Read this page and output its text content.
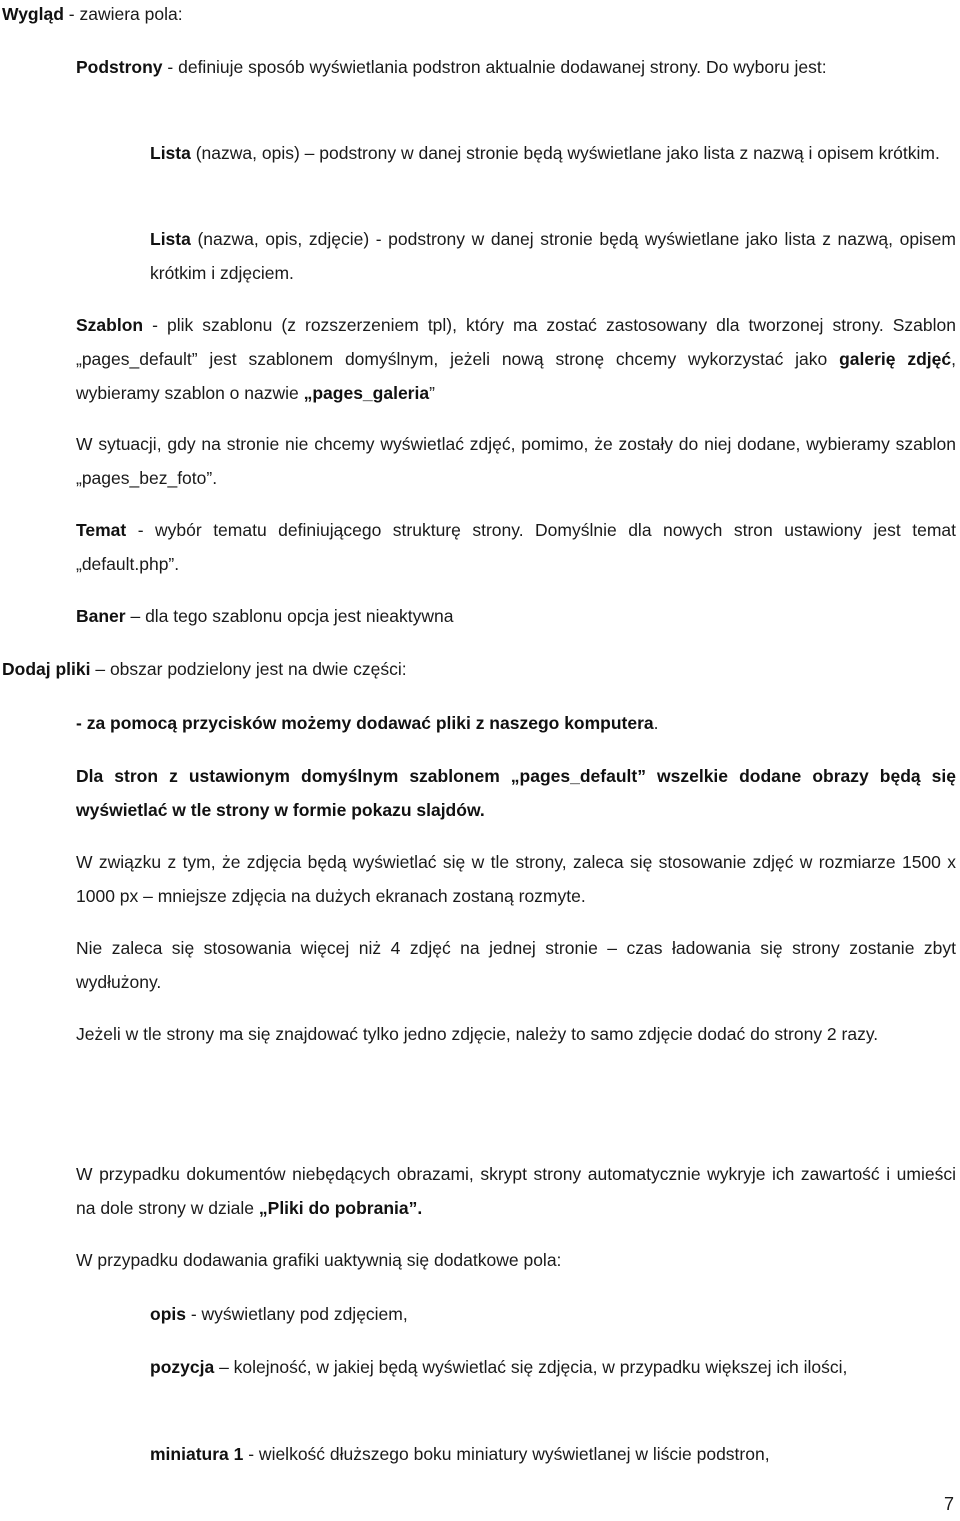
Wygląd - zawiera pola:

Podstrony - definiuje sposób wyświetlania podstron aktualnie dodawanej strony. Do wyboru jest:

Lista (nazwa, opis) – podstrony w danej stronie będą wyświetlane jako lista z nazwą i opisem krótkim.

Lista (nazwa, opis, zdjęcie) - podstrony w danej stronie będą wyświetlane jako lista z nazwą, opisem krótkim i zdjęciem.

Szablon - plik szablonu (z rozszerzeniem tpl), który ma zostać zastosowany dla tworzonej strony. Szablon „pages_default” jest szablonem domyślnym, jeżeli nową stronę chcemy wykorzystać jako galerię zdjęć, wybieramy szablon o nazwie „pages_galeria”

W sytuacji, gdy na stronie nie chcemy wyświetlać zdjęć, pomimo, że zostały do niej dodane, wybieramy szablon „pages_bez_foto”.

Temat - wybór tematu definiującego strukturę strony. Domyślnie dla nowych stron ustawiony jest temat „default.php”.

Baner – dla tego szablonu opcja jest nieaktywna

Dodaj pliki – obszar podzielony jest na dwie części:

- za pomocą przycisków możemy dodawać pliki z naszego komputera.

Dla stron z ustawionym domyślnym szablonem „pages_default” wszelkie dodane obrazy będą się wyświetlać w tle strony w formie pokazu slajdów.

W związku z tym, że zdjęcia będą wyświetlać się w tle strony, zaleca się stosowanie zdjęć w rozmiarze 1500 x 1000 px – mniejsze zdjęcia na dużych ekranach zostaną rozmyte.

Nie zaleca się stosowania więcej niż 4 zdjęć na jednej stronie – czas ładowania się strony zostanie zbyt wydłużony.

Jeżeli w tle strony ma się znajdować tylko jedno zdjęcie, należy to samo zdjęcie dodać do strony 2 razy.

W przypadku dokumentów niebędących obrazami, skrypt strony automatycznie wykryje ich zawartość i umieści na dole strony w dziale „Pliki do pobrania”.

W przypadku dodawania grafiki uaktywnią się dodatkowe pola:

opis - wyświetlany pod zdjęciem,

pozycja – kolejność, w jakiej będą wyświetlać się zdjęcia, w przypadku większej ich ilości,

miniatura 1 - wielkość dłuższego boku miniatury wyświetlanej w liście podstron,

7
